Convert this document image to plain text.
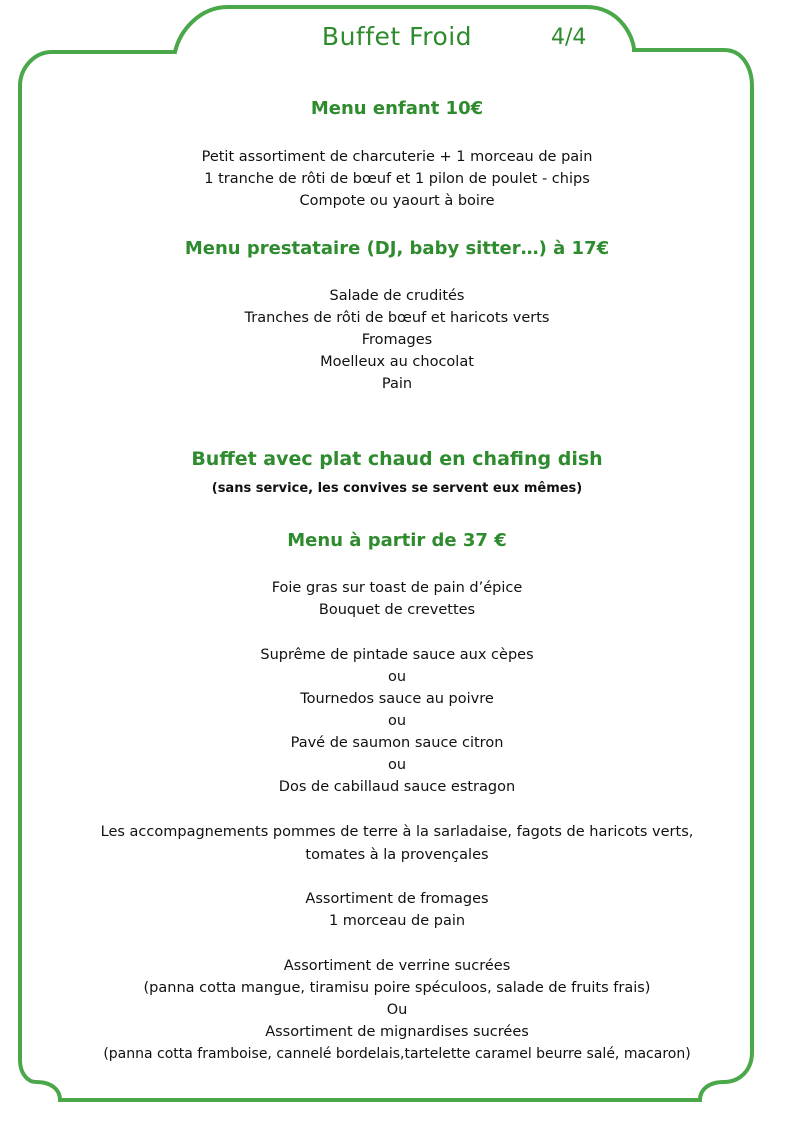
Buffet Froid	4/4
Menu enfant 10€
Petit assortiment de charcuterie + 1 morceau de pain
1 tranche de rôti de bœuf et 1 pilon de poulet - chips
Compote ou yaourt à boire
Menu prestataire (DJ, baby sitter…) à 17€
Salade de crudités
Tranches de rôti de bœuf et haricots verts
Fromages
Moelleux au chocolat
Pain
Buffet avec plat chaud en chafing dish
(sans service, les convives se servent eux mêmes)
Menu à partir de 37 €
Foie gras sur toast de pain d’épice
Bouquet de crevettes
Suprême de pintade sauce aux cèpes
ou
Tournedos sauce au poivre
ou
Pavé de saumon sauce citron
ou
Dos de cabillaud sauce estragon
Les accompagnements pommes de terre à la sarladaise, fagots de haricots verts,
tomates à la provençales
Assortiment de fromages
1 morceau de pain
Assortiment de verrine sucrées
(panna cotta mangue, tiramisu poire spéculoos, salade de fruits frais)
Ou
Assortiment de mignardises sucrées
(panna cotta framboise, cannelé bordelais,tartelette caramel beurre salé, macaron)
